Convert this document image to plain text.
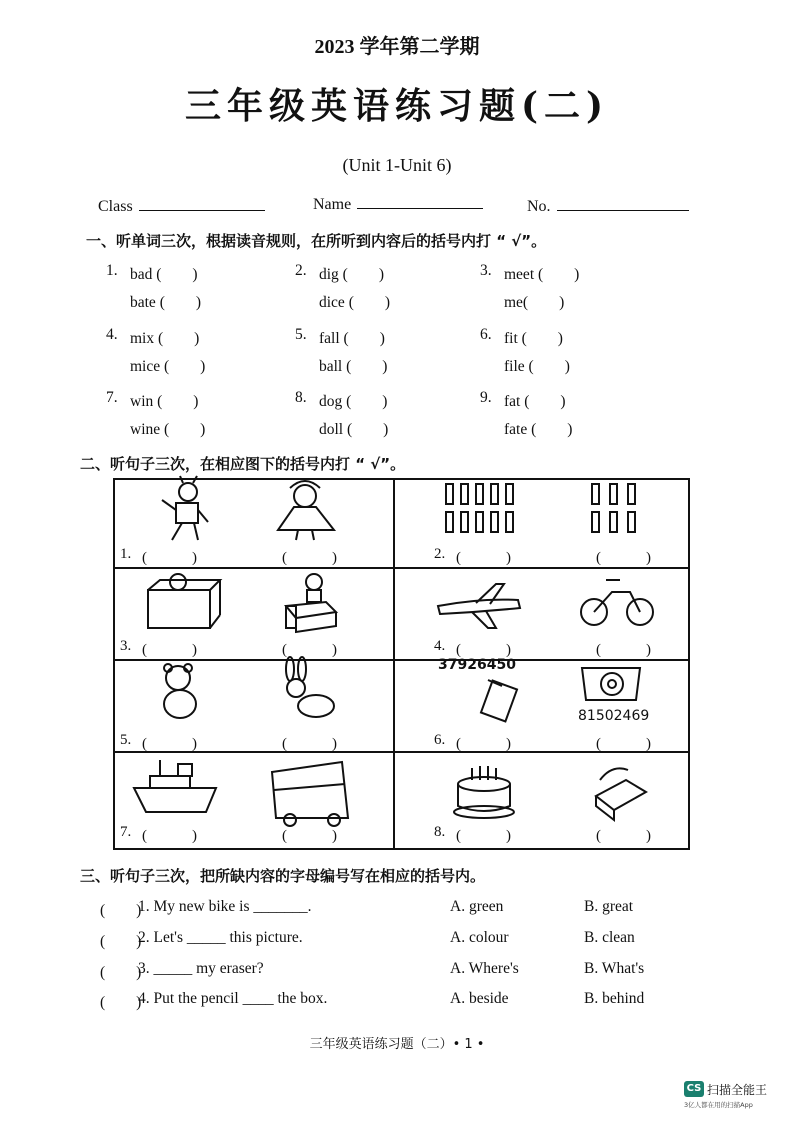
2023 学年第二学期
三年级英语练习题(二)
(Unit 1-Unit 6)
Class	Name	No.
一、听单词三次，根据读音规则，在所听到内容后的括号内打 “ √”。
1. bad (　　)
bate (　　)
2. dig (　　)
dice (　　)
3. meet (　　)
me(　　)
4. mix (　　)
mice (　　)
5. fall (　　)
ball (　　)
6. fit (　　)
file (　　)
7. win (　　)
wine (　　)
8. dog (　　)
doll (　　)
9. fat (　　)
fate (　　)
二、听句子三次，在相应图下的括号内打 “ √”。
37926450
81502469
1. (　　　)	(　　　)	2. (　　　)	(　　　)
3. (　　　)	(　　　)	4. (　　　)	(　　　)
5. (　　　)	(　　　)	6. (　　　)	(　　　)
7. (　　　)	(　　　)	8. (　　　)	(　　　)
三、听句子三次，把所缺内容的字母编号写在相应的括号内。
(　　)
1. My new bike is _______.	A. green	B. great
(　　)
2. Let's _____ this picture.	A. colour	B. clean
(　　)
3. _____ my eraser?	A. Where's	B. What's
(　　)
4. Put the pencil ____ the box.	A. beside	B. behind
三年级英语练习题（二）• 1 •
CS 扫描全能王
3亿人都在用的扫描App
